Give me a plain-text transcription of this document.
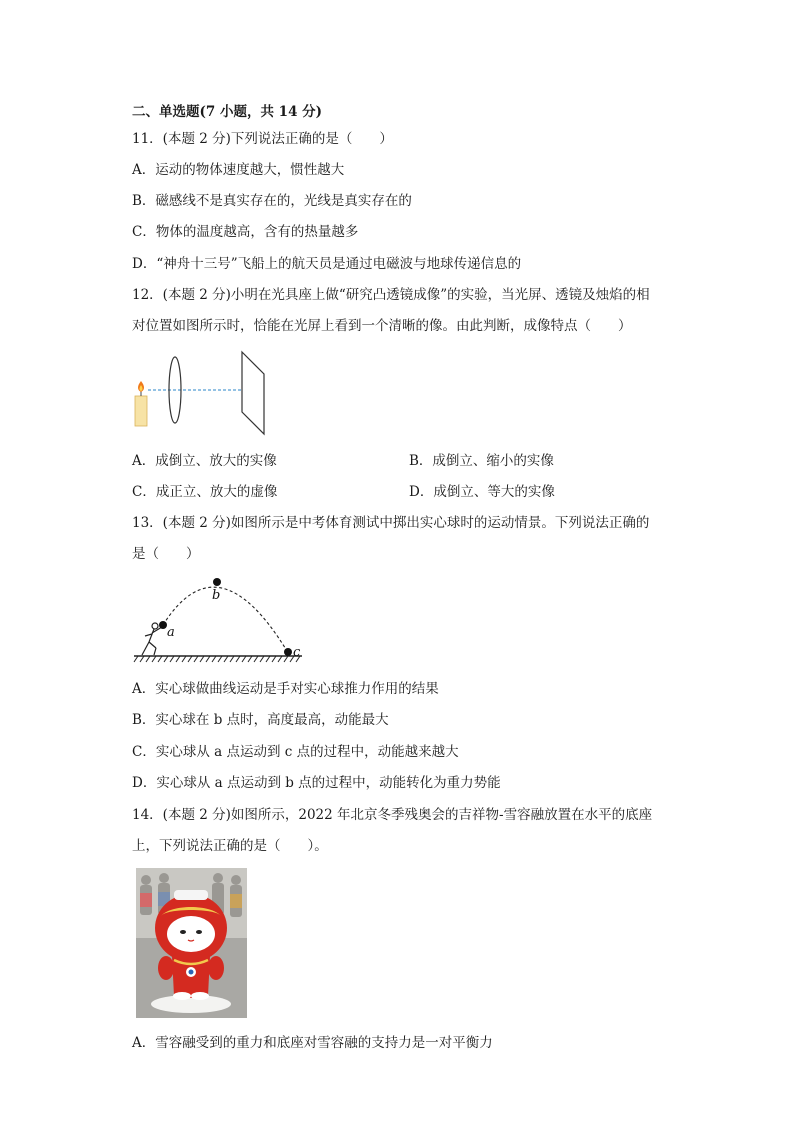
二、单选题(7 小题，共 14 分)
11．(本题 2 分)下列说法正确的是（　　）
A．运动的物体速度越大，惯性越大
B．磁感线不是真实存在的，光线是真实存在的
C．物体的温度越高，含有的热量越多
D．“神舟十三号”飞船上的航天员是通过电磁波与地球传递信息的
12．(本题 2 分)小明在光具座上做“研究凸透镜成像”的实验，当光屏、透镜及烛焰的相
对位置如图所示时，恰能在光屏上看到一个清晰的像。由此判断，成像特点（　　）
A．成倒立、放大的实像	B．成倒立、缩小的实像
C．成正立、放大的虚像	D．成倒立、等大的实像
13．(本题 2 分)如图所示是中考体育测试中掷出实心球时的运动情景。下列说法正确的
是（　　）
a
b
c
A．实心球做曲线运动是手对实心球推力作用的结果
B．实心球在 b 点时，高度最高，动能最大
C．实心球从 a 点运动到 c 点的过程中，动能越来越大
D．实心球从 a 点运动到 b 点的过程中，动能转化为重力势能
14．(本题 2 分)如图所示，2022 年北京冬季残奥会的吉祥物-雪容融放置在水平的底座
上，下列说法正确的是（　　）。
A．雪容融受到的重力和底座对雪容融的支持力是一对平衡力
